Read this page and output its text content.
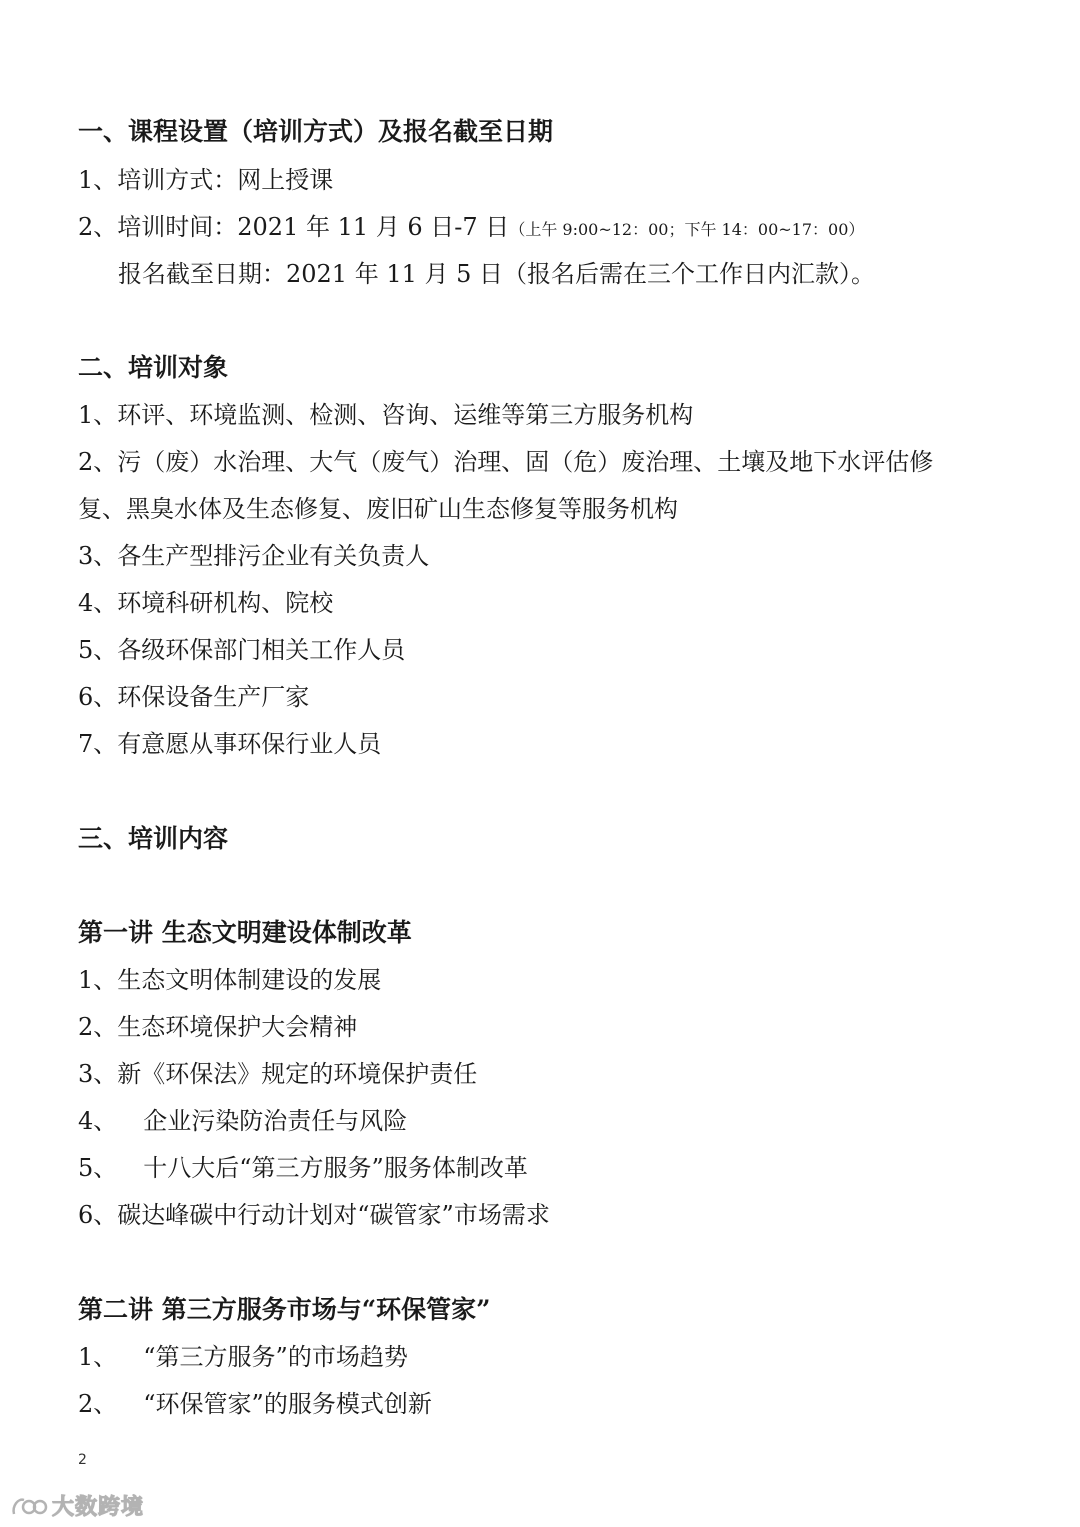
一、课程设置（培训方式）及报名截至日期
1、培训方式：网上授课
2、培训时间：2021 年 11 月 6 日-7 日（上午 9:00~12：00；下午 14：00~17：00）
报名截至日期：2021 年 11 月 5 日（报名后需在三个工作日内汇款）。
二、培训对象
1、环评、环境监测、检测、咨询、运维等第三方服务机构
2、污（废）水治理、大气（废气）治理、固（危）废治理、土壤及地下水评估修
复、黑臭水体及生态修复、废旧矿山生态修复等服务机构
3、各生产型排污企业有关负责人
4、环境科研机构、院校
5、各级环保部门相关工作人员
6、环保设备生产厂家
7、有意愿从事环保行业人员
三、培训内容
第一讲 生态文明建设体制改革
1、生态文明体制建设的发展
2、生态环境保护大会精神
3、新《环保法》规定的环境保护责任
4、 企业污染防治责任与风险
5、 十八大后“第三方服务”服务体制改革
6、碳达峰碳中行动计划对“碳管家”市场需求
第二讲 第三方服务市场与“环保管家”
1、 “第三方服务”的市场趋势
2、 “环保管家”的服务模式创新
2
大数跨境
